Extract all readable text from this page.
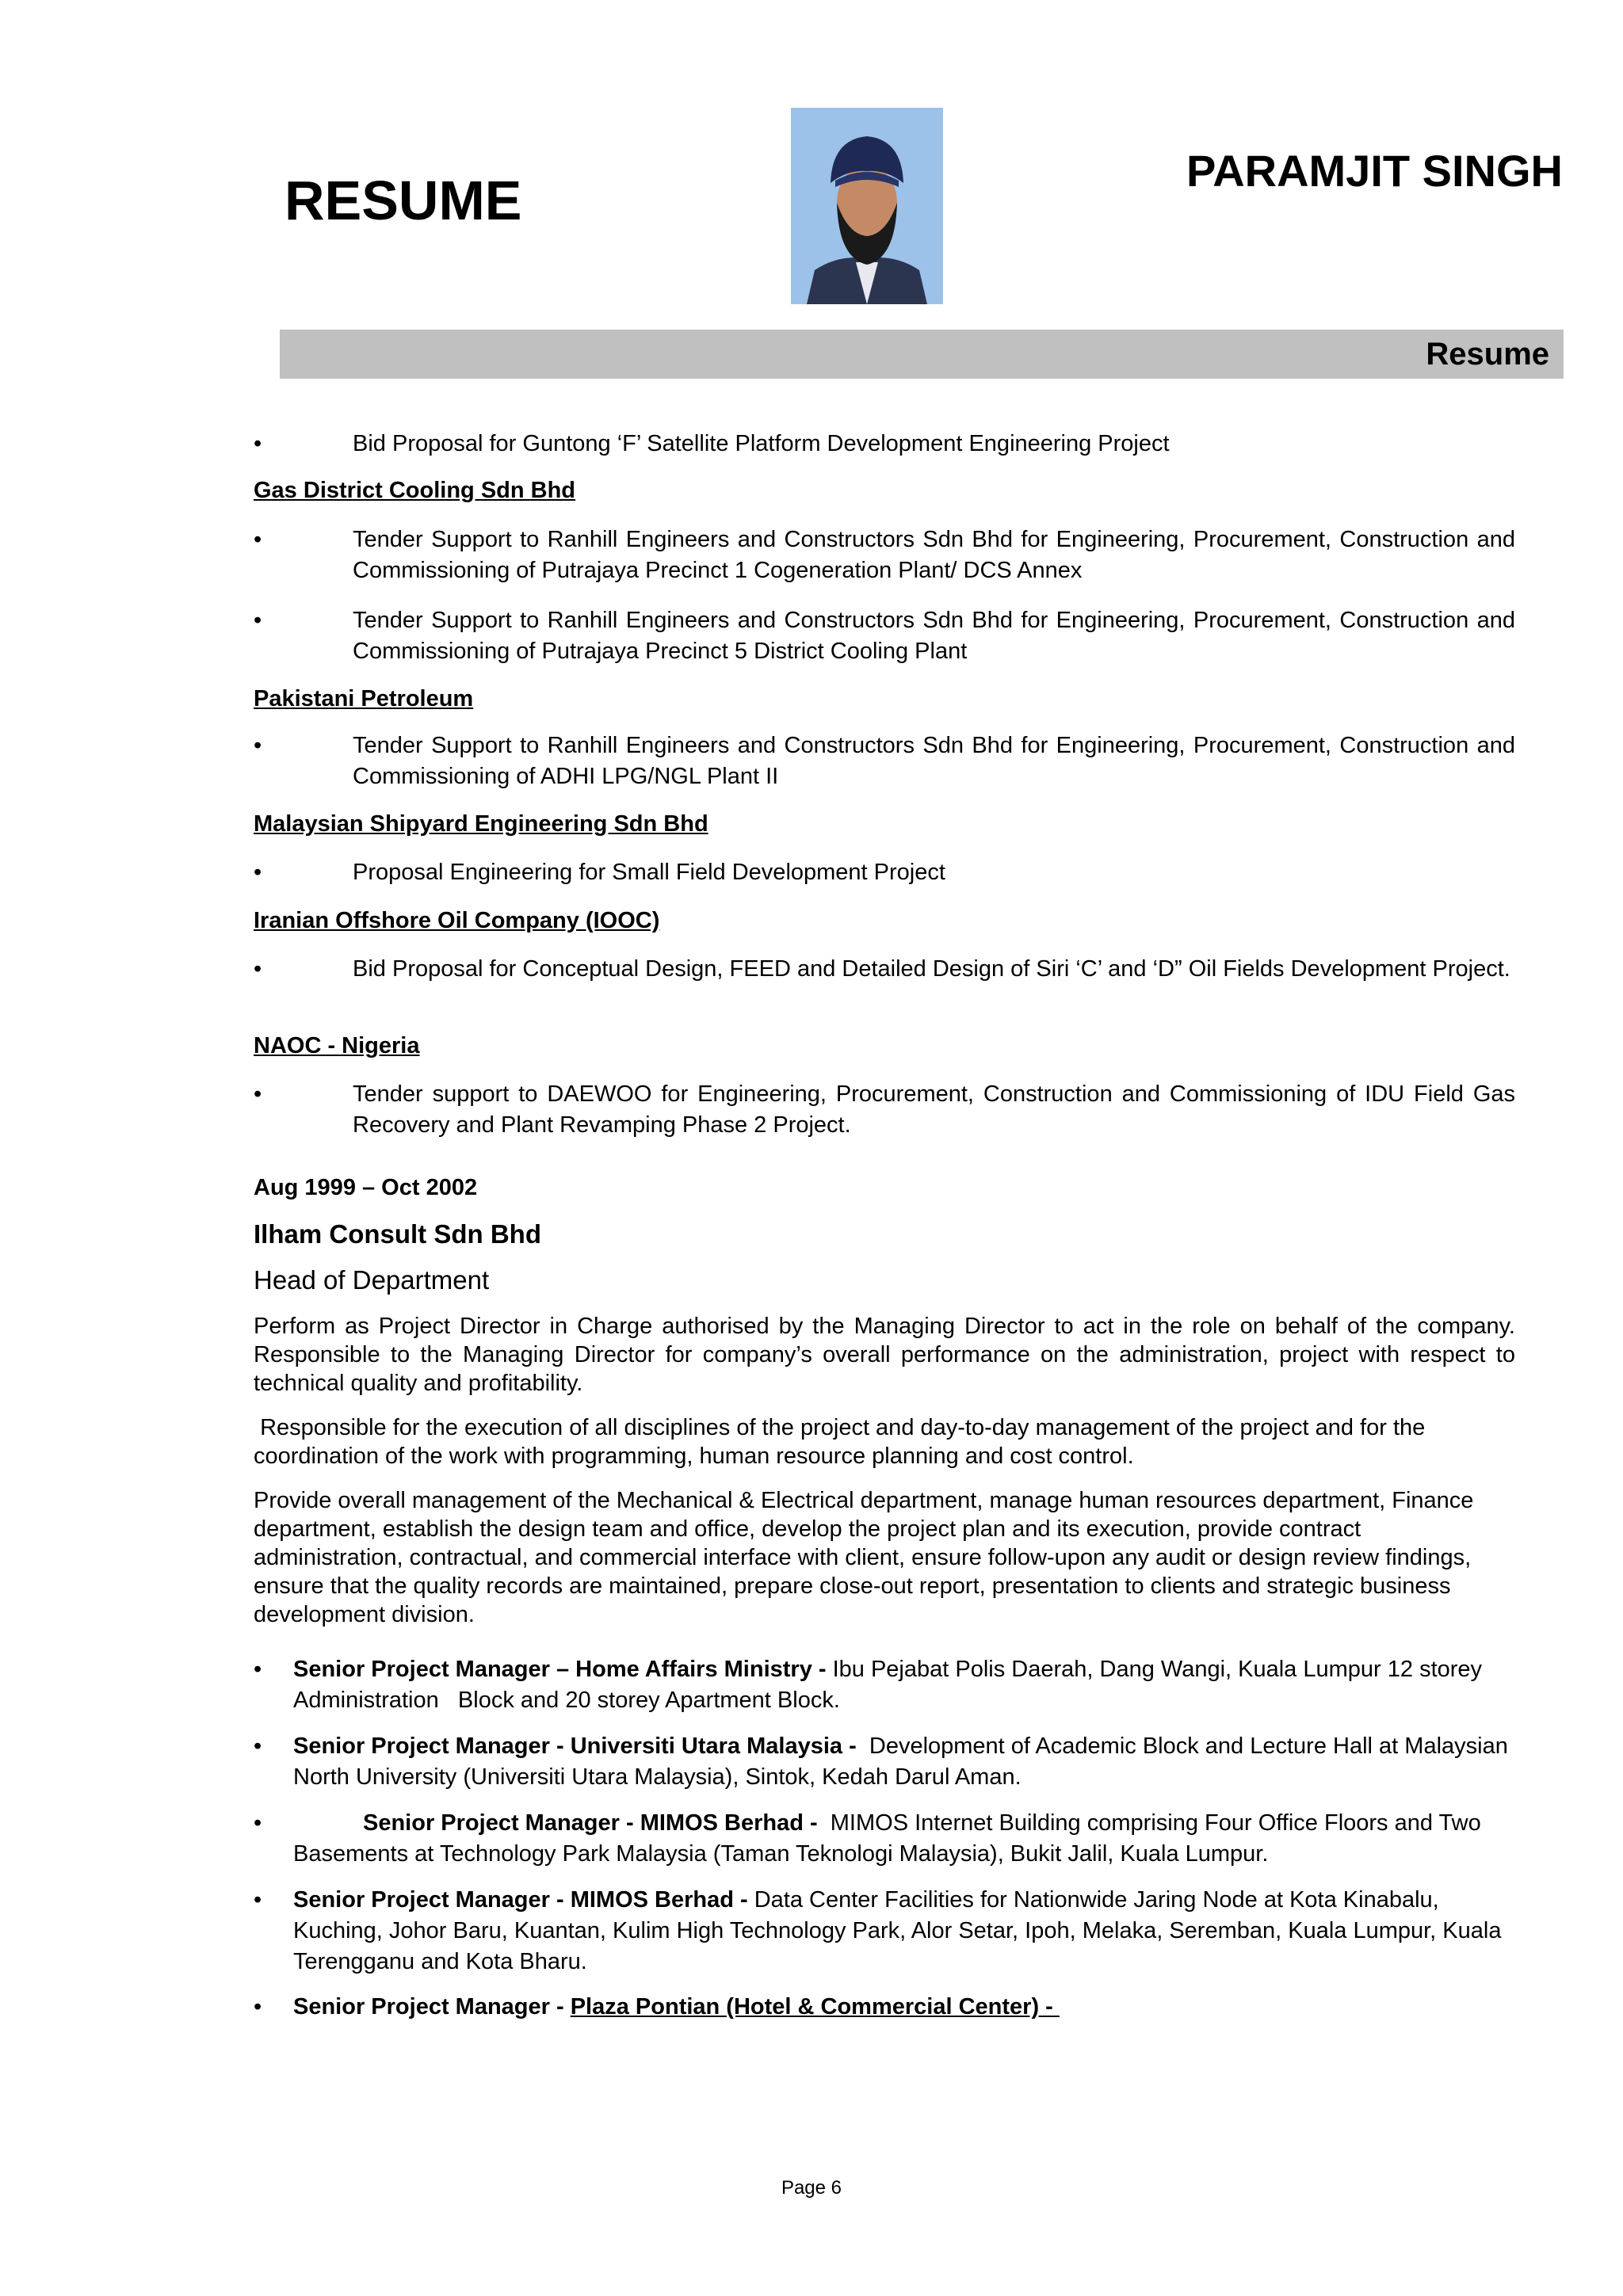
RESUME	PARAMJIT SINGH
Resume
•	Bid Proposal for Guntong ‘F’ Satellite Platform Development Engineering Project
Gas District Cooling Sdn Bhd
•	Tender Support to Ranhill Engineers and Constructors Sdn Bhd for Engineering, Procurement, Construction and Commissioning of Putrajaya Precinct 1 Cogeneration Plant/ DCS Annex
•	Tender Support to Ranhill Engineers and Constructors Sdn Bhd for Engineering, Procurement, Construction and Commissioning of Putrajaya Precinct 5 District Cooling Plant
Pakistani Petroleum
•	Tender Support to Ranhill Engineers and Constructors Sdn Bhd for Engineering, Procurement, Construction and Commissioning of ADHI LPG/NGL Plant II
Malaysian Shipyard Engineering Sdn Bhd
•	Proposal Engineering for Small Field Development Project
Iranian Offshore Oil Company (IOOC)
•	Bid Proposal for Conceptual Design, FEED and Detailed Design of Siri ‘C’ and ‘D” Oil Fields Development Project.
NAOC - Nigeria
•	Tender support to DAEWOO for Engineering, Procurement, Construction and Commissioning of IDU Field Gas Recovery and Plant Revamping Phase 2 Project.
Aug 1999 – Oct 2002
Ilham Consult Sdn Bhd
Head of Department
Perform as Project Director in Charge authorised by the Managing Director to act in the role on behalf of the company. Responsible to the Managing Director for company’s overall performance on the administration, project with respect to technical quality and profitability.
Responsible for the execution of all disciplines of the project and day-to-day management of the project and for the coordination of the work with programming, human resource planning and cost control.
Provide overall management of the Mechanical & Electrical department, manage human resources department, Finance department, establish the design team and office, develop the project plan and its execution, provide contract administration, contractual, and commercial interface with client, ensure follow-upon any audit or design review findings, ensure that the quality records are maintained, prepare close-out report, presentation to clients and strategic business development division.
•	Senior Project Manager – Home Affairs Ministry - Ibu Pejabat Polis Daerah, Dang Wangi, Kuala Lumpur 12 storey Administration   Block and 20 storey Apartment Block.
•	Senior Project Manager - Universiti Utara Malaysia -  Development of Academic Block and Lecture Hall at Malaysian North University (Universiti Utara Malaysia), Sintok, Kedah Darul Aman.
•	Senior Project Manager - MIMOS Berhad -  MIMOS Internet Building comprising Four Office Floors and Two Basements at Technology Park Malaysia (Taman Teknologi Malaysia), Bukit Jalil, Kuala Lumpur.
•	Senior Project Manager - MIMOS Berhad - Data Center Facilities for Nationwide Jaring Node at Kota Kinabalu, Kuching, Johor Baru, Kuantan, Kulim High Technology Park, Alor Setar, Ipoh, Melaka, Seremban, Kuala Lumpur, Kuala Terengganu and Kota Bharu.
•	Senior Project Manager - Plaza Pontian (Hotel & Commercial Center) -
Page 6
